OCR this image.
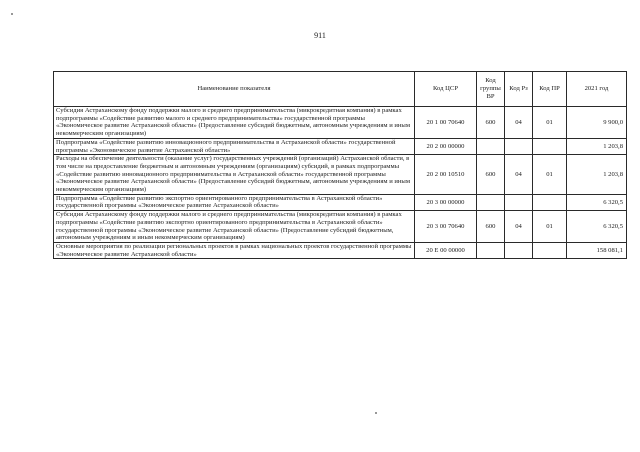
911
Наименование показателя	Код ЦСР	Код группы ВР	Код Рз	Код ПР	2021 год
Субсидия Астраханскому фонду поддержки малого и среднего предпринимательства (микрокредитная компания) в рамках подпрограммы «Содействие развитию малого и среднего предпринимательства» государственной программы «Экономическое развитие Астраханской области» (Предоставление субсидий бюджетным, автономным учреждениям и иным некоммерческим организациям)	20 1 00 70640	600	04	01	9 900,0
Подпрограмма «Содействие развитию инновационного предпринимательства в Астраханской области» государственной программы «Экономическое развитие Астраханской области»	20 2 00 00000				1 203,8
Расходы на обеспечение деятельности (оказание услуг) государственных учреждений (организаций) Астраханской области, в том числе на предоставление бюджетным и автономным учреждениям (организациям) субсидий, в рамках подпрограммы «Содействие развитию инновационного предпринимательства в Астраханской области» государственной программы «Экономическое развитие Астраханской области» (Предоставление субсидий бюджетным, автономным учреждениям и иным некоммерческим организациям)	20 2 00 10510	600	04	01	1 203,8
Подпрограмма «Содействие развитию экспортно ориентированного предпринимательства в Астраханской области» государственной программы «Экономическое развитие Астраханской области»	20 3 00 00000				6 320,5
Субсидия Астраханскому фонду поддержки малого и среднего предпринимательства (микрокредитная компания) в рамках подпрограммы «Содействие развитию экспортно ориентированного предпринимательства в Астраханской области» государственной программы «Экономическое развитие Астраханской области» (Предоставление субсидий бюджетным, автономным учреждениям и иным некоммерческим организациям)	20 3 00 70640	600	04	01	6 320,5
Основные мероприятия по реализации региональных проектов в рамках национальных проектов государственной программы «Экономическое развитие Астраханской области»	20 Е 00 00000				158 081,1
